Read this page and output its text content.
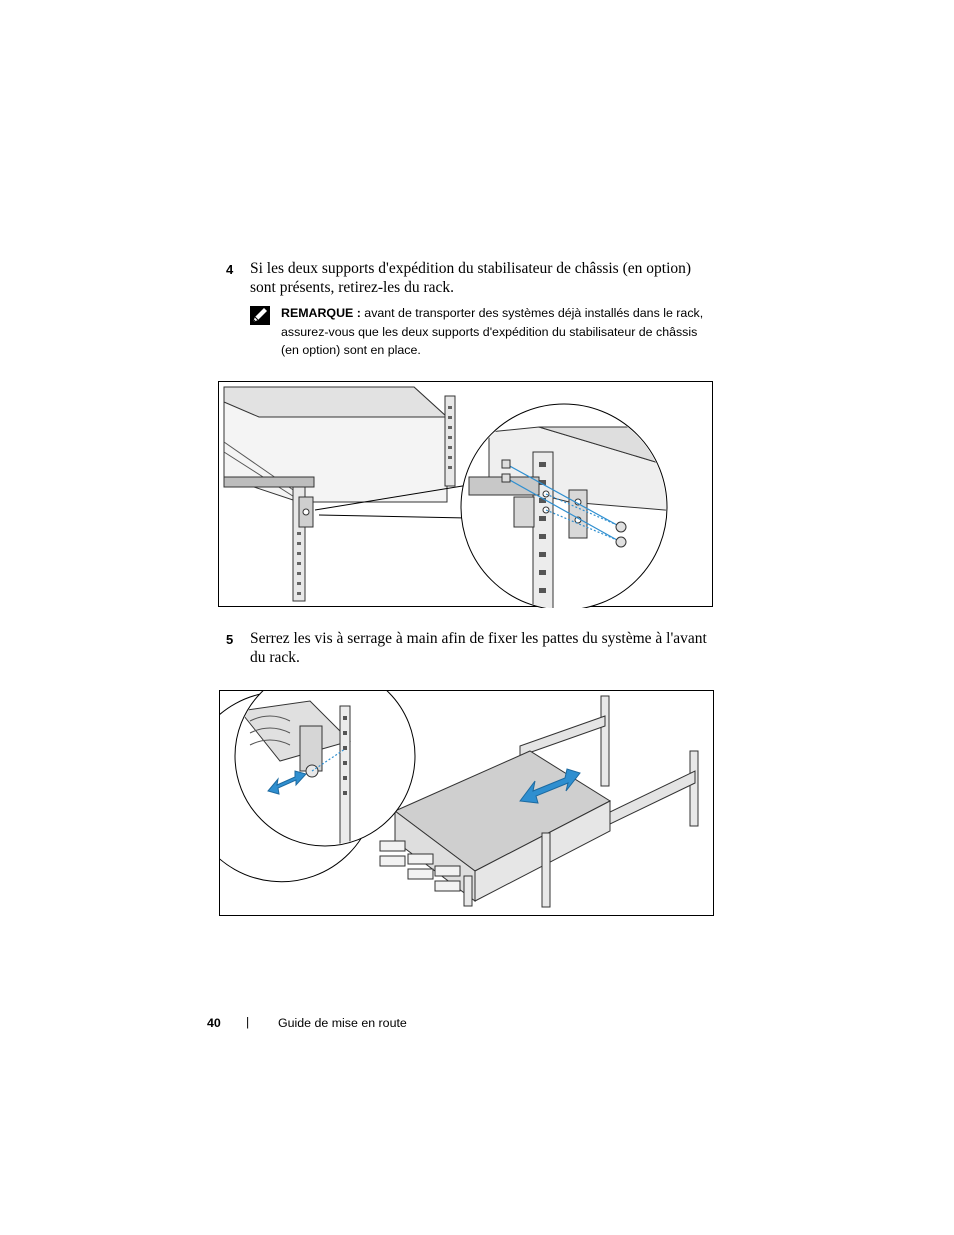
4 Si les deux supports d'expédition du stabilisateur de châssis (en option) sont présents, retirez-les du rack.
REMARQUE : avant de transporter des systèmes déjà installés dans le rack, assurez-vous que les deux supports d'expédition du stabilisateur de châssis (en option) sont en place.
5 Serrez les vis à serrage à main afin de fixer les pattes du système à l'avant du rack.
40 | Guide de mise en route
